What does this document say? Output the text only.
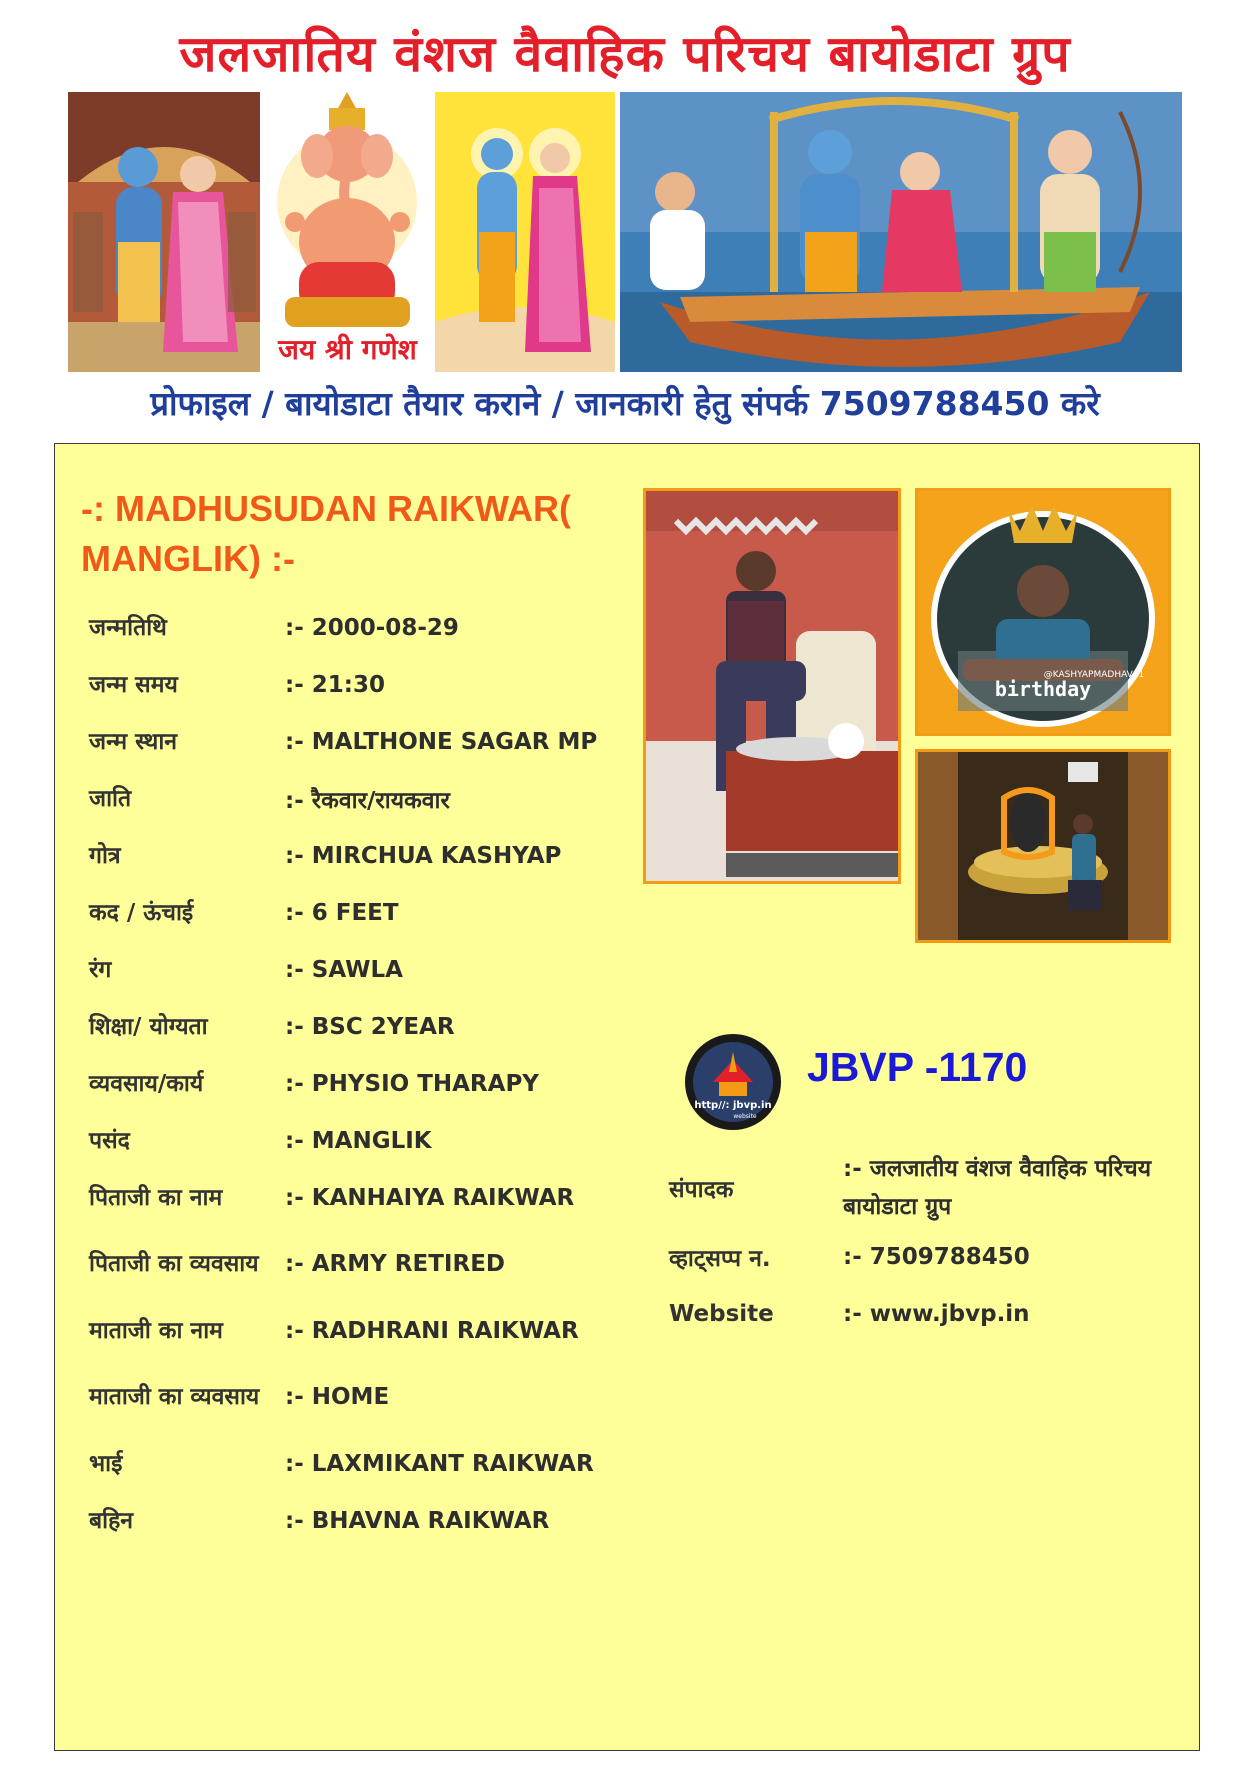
जलजातिय वंशज वैवाहिक परिचय बायोडाटा ग्रुप
जय श्री गणेश
प्रोफाइल / बायोडाटा तैयार कराने / जानकारी हेतु संपर्क 7509788450 करे
-: MADHUSUDAN RAIKWAR( MANGLIK) :-
जन्मतिथि	:- 2000-08-29
जन्म समय	:- 21:30
जन्म स्थान	:- MALTHONE SAGAR MP
जाति	:- रैकवार/रायकवार
गोत्र	:- MIRCHUA KASHYAP
कद / ऊंचाई	:- 6 FEET
रंग	:- SAWLA
शिक्षा/ योग्यता	:- BSC 2YEAR
व्यवसाय/कार्य	:- PHYSIO THARAPY
पसंद	:- MANGLIK
पिताजी का नाम	:- KANHAIYA RAIKWAR
पिताजी का व्यवसाय	:- ARMY RETIRED
माताजी का नाम	:- RADHRANI RAIKWAR
माताजी का व्यवसाय	:- HOME
भाई	:- LAXMIKANT RAIKWAR
बहिन	:- BHAVNA RAIKWAR
birthday
@KASHYAPMADHAV11
http//: jbvp.in
website
JBVP -1170
संपादक
:- जलजातीय वंशज वैवाहिक परिचय बायोडाटा ग्रुप
व्हाट्सप्प न.	:- 7509788450
Website	:- www.jbvp.in
